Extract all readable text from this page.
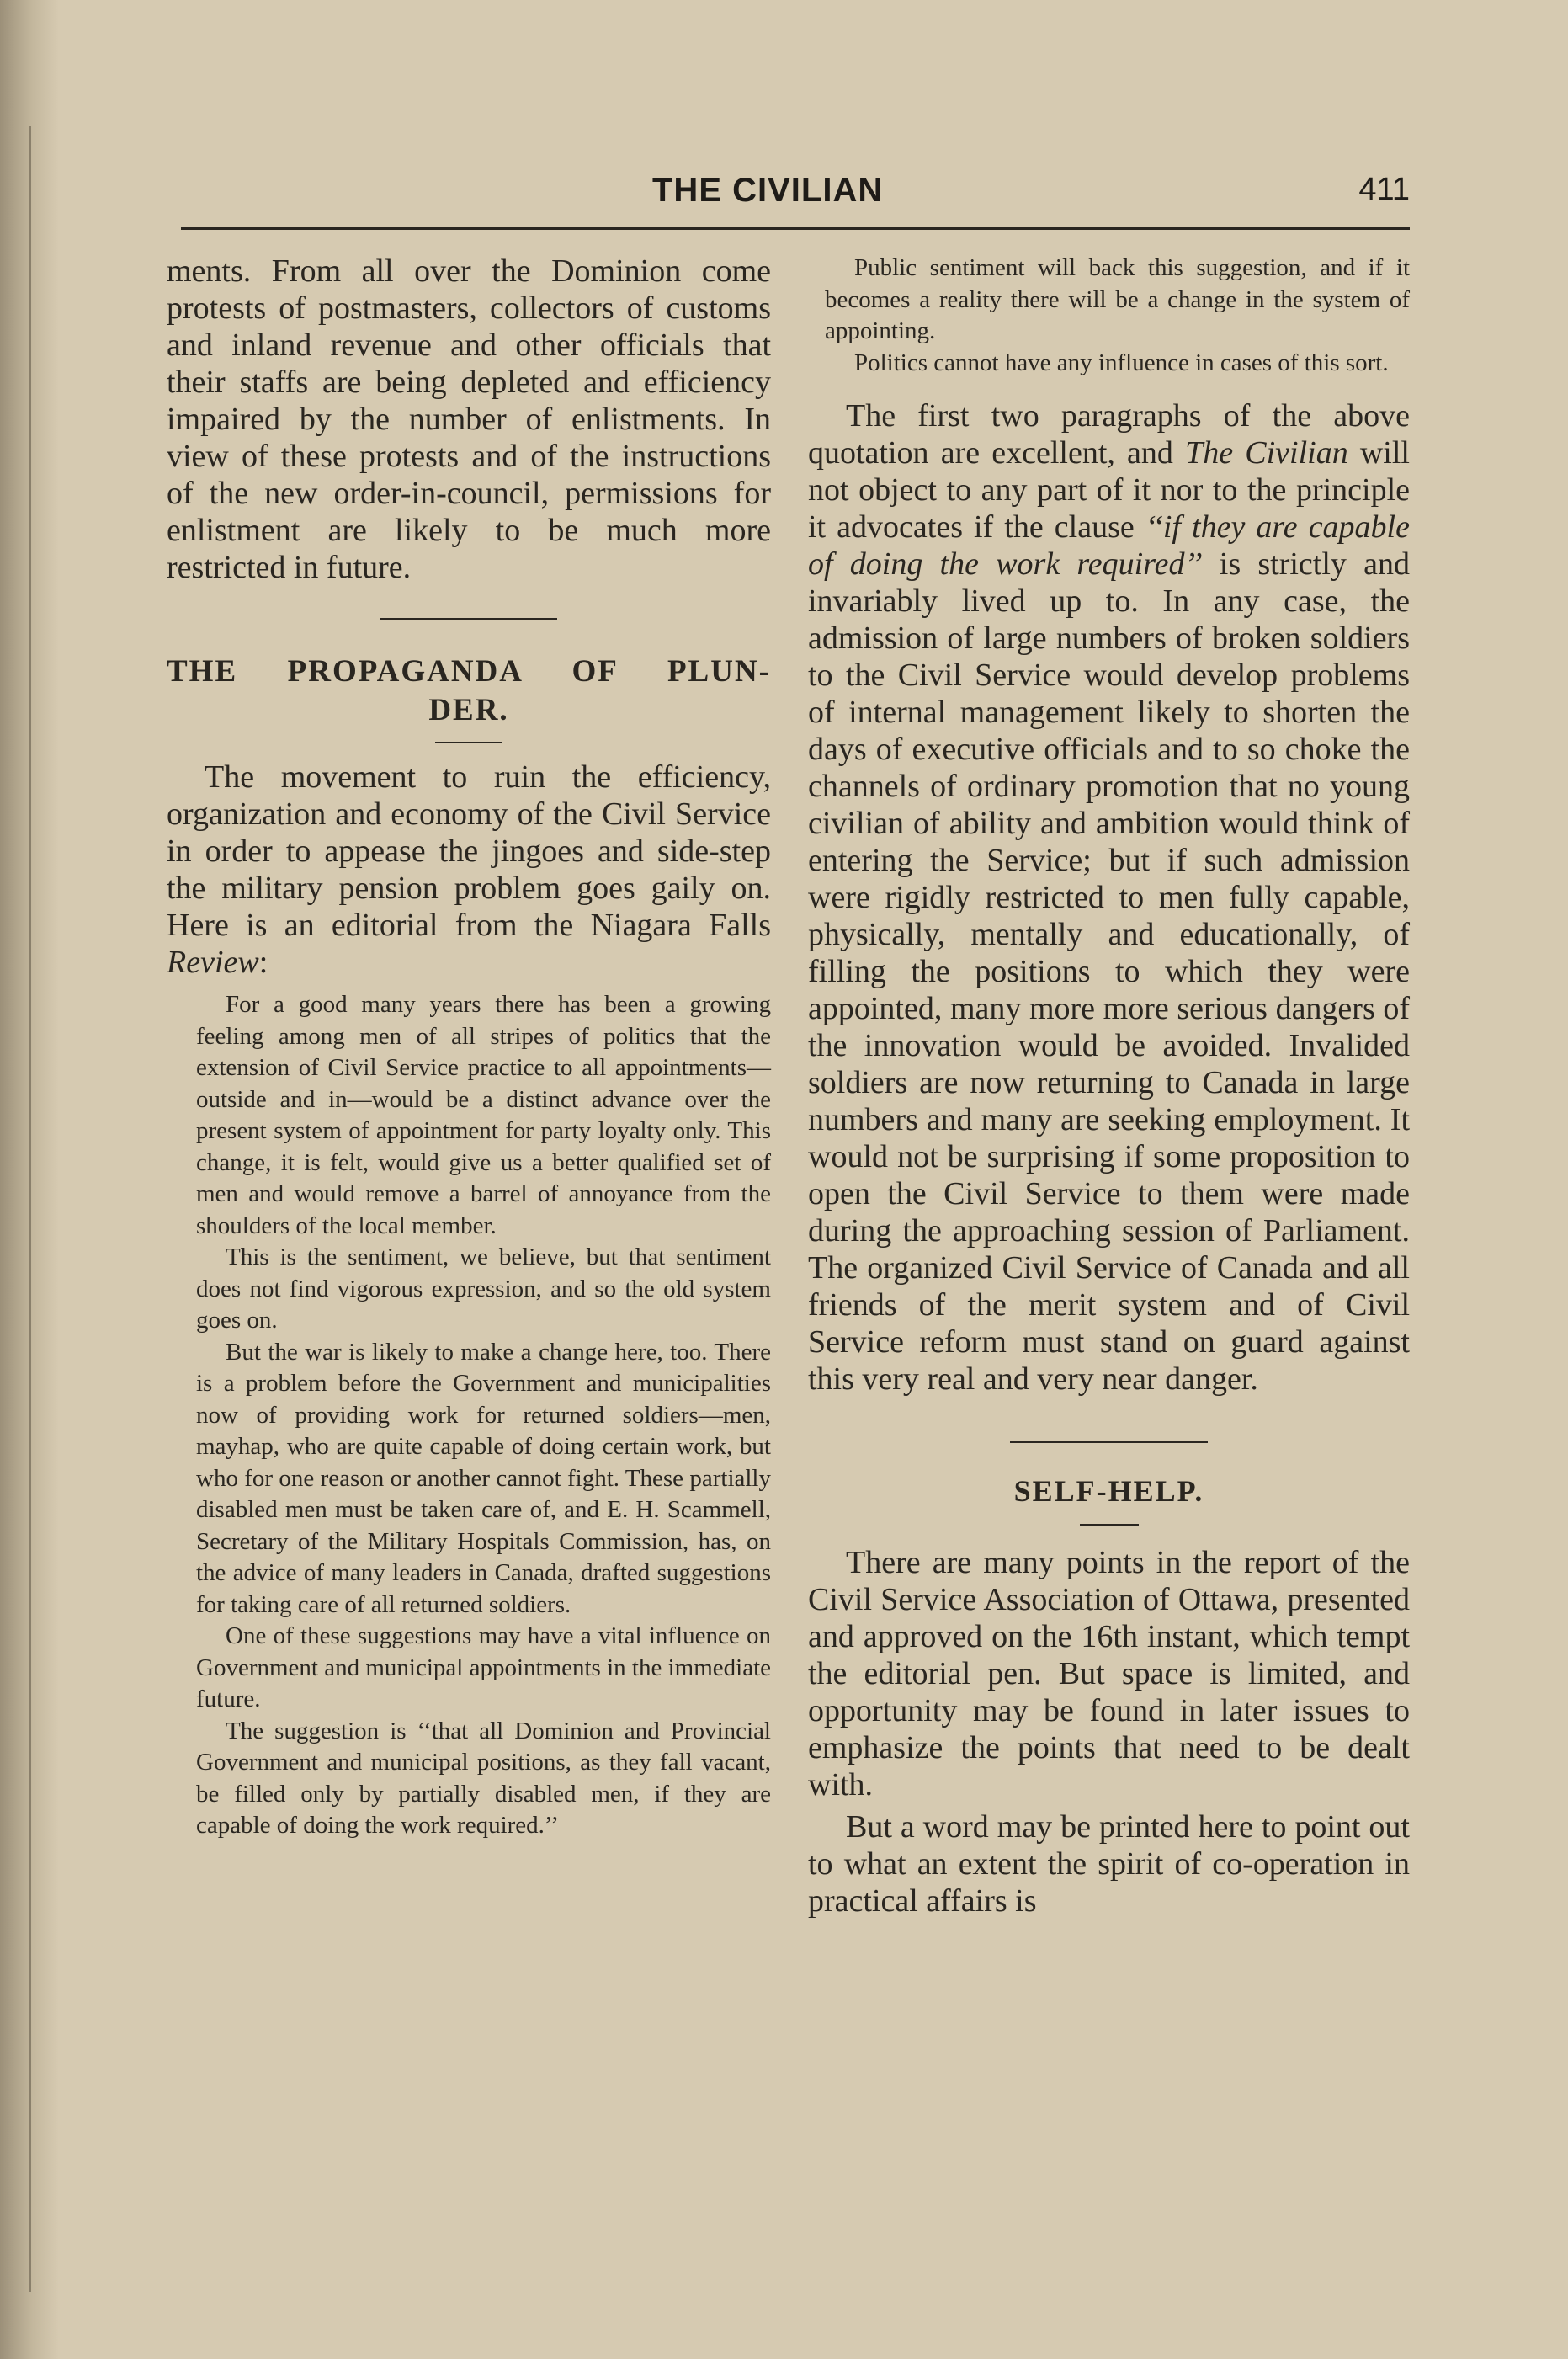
THE CIVILIAN	411

ments. From all over the Dominion come protests of postmasters, collectors of customs and inland revenue and other officials that their staffs are being depleted and efficiency impaired by the number of enlistments. In view of these protests and of the instructions of the new order-in-council, permissions for enlistment are likely to be much more restricted in future.

THE PROPAGANDA OF PLUN-
DER.

The movement to ruin the efficiency, organization and economy of the Civil Service in order to appease the jingoes and side-step the military pension problem goes gaily on. Here is an editorial from the Niagara Falls Review:

For a good many years there has been a growing feeling among men of all stripes of politics that the extension of Civil Service practice to all appointments—outside and in—would be a distinct advance over the present system of appointment for party loyalty only. This change, it is felt, would give us a better qualified set of men and would remove a barrel of annoyance from the shoulders of the local member.

This is the sentiment, we believe, but that sentiment does not find vigorous expression, and so the old system goes on.

But the war is likely to make a change here, too. There is a problem before the Government and municipalities now of providing work for returned soldiers—men, mayhap, who are quite capable of doing certain work, but who for one reason or another cannot fight. These partially disabled men must be taken care of, and E. H. Scammell, Secretary of the Military Hospitals Commission, has, on the advice of many leaders in Canada, drafted suggestions for taking care of all returned soldiers.

One of these suggestions may have a vital influence on Government and municipal appointments in the immediate future.

The suggestion is ‘‘that all Dominion and Provincial Government and municipal positions, as they fall vacant, be filled only by partially disabled men, if they are capable of doing the work required.’’

Public sentiment will back this suggestion, and if it becomes a reality there will be a change in the system of appointing.

Politics cannot have any influence in cases of this sort.

The first two paragraphs of the above quotation are excellent, and The Civilian will not object to any part of it nor to the principle it advocates if the clause ‘‘if they are capable of doing the work required’’ is strictly and invariably lived up to. In any case, the admission of large numbers of broken soldiers to the Civil Service would develop problems of internal management likely to shorten the days of executive officials and to so choke the channels of ordinary promotion that no young civilian of ability and ambition would think of entering the Service; but if such admission were rigidly restricted to men fully capable, physically, mentally and educationally, of filling the positions to which they were appointed, many more more serious dangers of the innovation would be avoided. Invalided soldiers are now returning to Canada in large numbers and many are seeking employment. It would not be surprising if some proposition to open the Civil Service to them were made during the approaching session of Parliament. The organized Civil Service of Canada and all friends of the merit system and of Civil Service reform must stand on guard against this very real and very near danger.

SELF-HELP.

There are many points in the report of the Civil Service Association of Ottawa, presented and approved on the 16th instant, which tempt the editorial pen. But space is limited, and opportunity may be found in later issues to emphasize the points that need to be dealt with.

But a word may be printed here to point out to what an extent the spirit of co-operation in practical affairs is
